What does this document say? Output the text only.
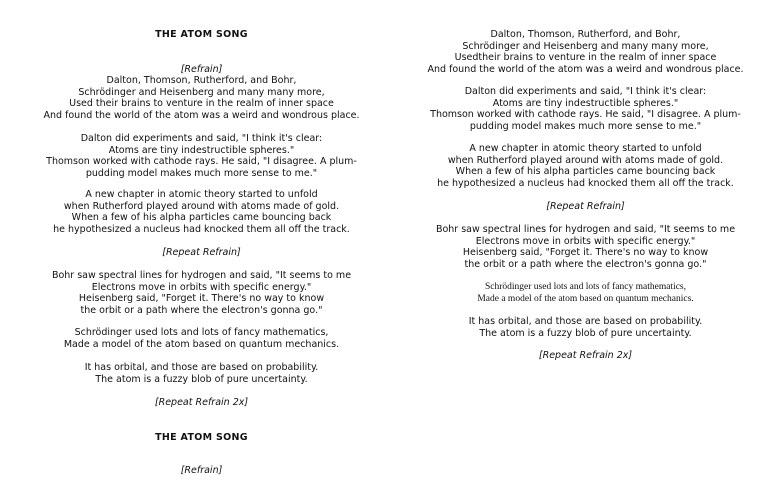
THE ATOM SONG
[Refrain]
Dalton, Thomson, Rutherford, and Bohr,
Schrödinger and Heisenberg and many many more,
Used their brains to venture in the realm of inner space
And found the world of the atom was a weird and wondrous place.
Dalton did experiments and said, "I think it's clear:
Atoms are tiny indestructible spheres."
Thomson worked with cathode rays. He said, "I disagree. A plum-
pudding model makes much more sense to me."
A new chapter in atomic theory started to unfold
when Rutherford played around with atoms made of gold.
When a few of his alpha particles came bouncing back
he hypothesized a nucleus had knocked them all off the track.
[Repeat Refrain]
Bohr saw spectral lines for hydrogen and said, "It seems to me
Electrons move in orbits with specific energy."
Heisenberg said, "Forget it. There's no way to know
the orbit or a path where the electron's gonna go."
Schrödinger used lots and lots of fancy mathematics,
Made a model of the atom based on quantum mechanics.
It has orbital, and those are based on probability.
The atom is a fuzzy blob of pure uncertainty.
[Repeat Refrain 2x]
THE ATOM SONG
[Refrain]
Dalton, Thomson, Rutherford, and Bohr,
Schrödinger and Heisenberg and many many more,
Usedtheir brains to venture in the realm of inner space
And found the world of the atom was a weird and wondrous place.
Dalton did experiments and said, "I think it's clear:
Atoms are tiny indestructible spheres."
Thomson worked with cathode rays. He said, "I disagree. A plum-
pudding model makes much more sense to me."
A new chapter in atomic theory started to unfold
when Rutherford played around with atoms made of gold.
When a few of his alpha particles came bouncing back
he hypothesized a nucleus had knocked them all off the track.
[Repeat Refrain]
Bohr saw spectral lines for hydrogen and said, "It seems to me
Electrons move in orbits with specific energy."
Heisenberg said, "Forget it. There's no way to know
the orbit or a path where the electron's gonna go."
Schrödinger used lots and lots of fancy mathematics,
Made a model of the atom based on quantum mechanics.
It has orbital, and those are based on probability.
The atom is a fuzzy blob of pure uncertainty.
[Repeat Refrain 2x]
